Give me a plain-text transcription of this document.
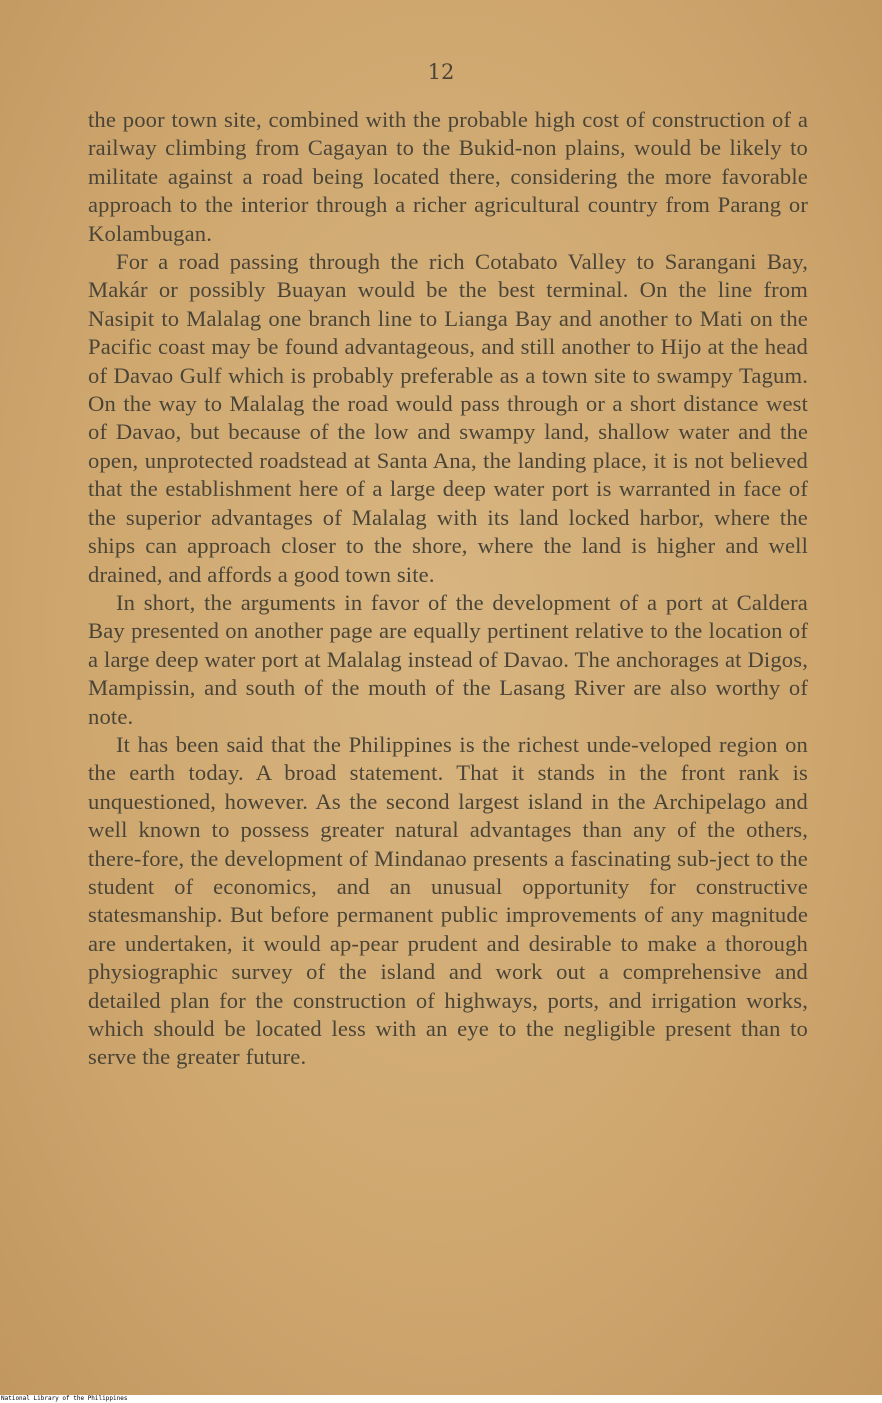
12

the poor town site, combined with the probable high cost of construction of a railway climbing from Cagayan to the Bukid-non plains, would be likely to militate against a road being located there, considering the more favorable approach to the interior through a richer agricultural country from Parang or Kolambugan.

For a road passing through the rich Cotabato Valley to Sarangani Bay, Makár or possibly Buayan would be the best terminal. On the line from Nasipit to Malalag one branch line to Lianga Bay and another to Mati on the Pacific coast may be found advantageous, and still another to Hijo at the head of Davao Gulf which is probably preferable as a town site to swampy Tagum. On the way to Malalag the road would pass through or a short distance west of Davao, but because of the low and swampy land, shallow water and the open, unprotected roadstead at Santa Ana, the landing place, it is not believed that the establishment here of a large deep water port is warranted in face of the superior advantages of Malalag with its land locked harbor, where the ships can approach closer to the shore, where the land is higher and well drained, and affords a good town site.

In short, the arguments in favor of the development of a port at Caldera Bay presented on another page are equally pertinent relative to the location of a large deep water port at Malalag instead of Davao. The anchorages at Digos, Mampissin, and south of the mouth of the Lasang River are also worthy of note.

It has been said that the Philippines is the richest unde-veloped region on the earth today. A broad statement. That it stands in the front rank is unquestioned, however. As the second largest island in the Archipelago and well known to possess greater natural advantages than any of the others, there-fore, the development of Mindanao presents a fascinating sub-ject to the student of economics, and an unusual opportunity for constructive statesmanship. But before permanent public improvements of any magnitude are undertaken, it would ap-pear prudent and desirable to make a thorough physiographic survey of the island and work out a comprehensive and detailed plan for the construction of highways, ports, and irrigation works, which should be located less with an eye to the negligible present than to serve the greater future.

National Library of the Philippines
